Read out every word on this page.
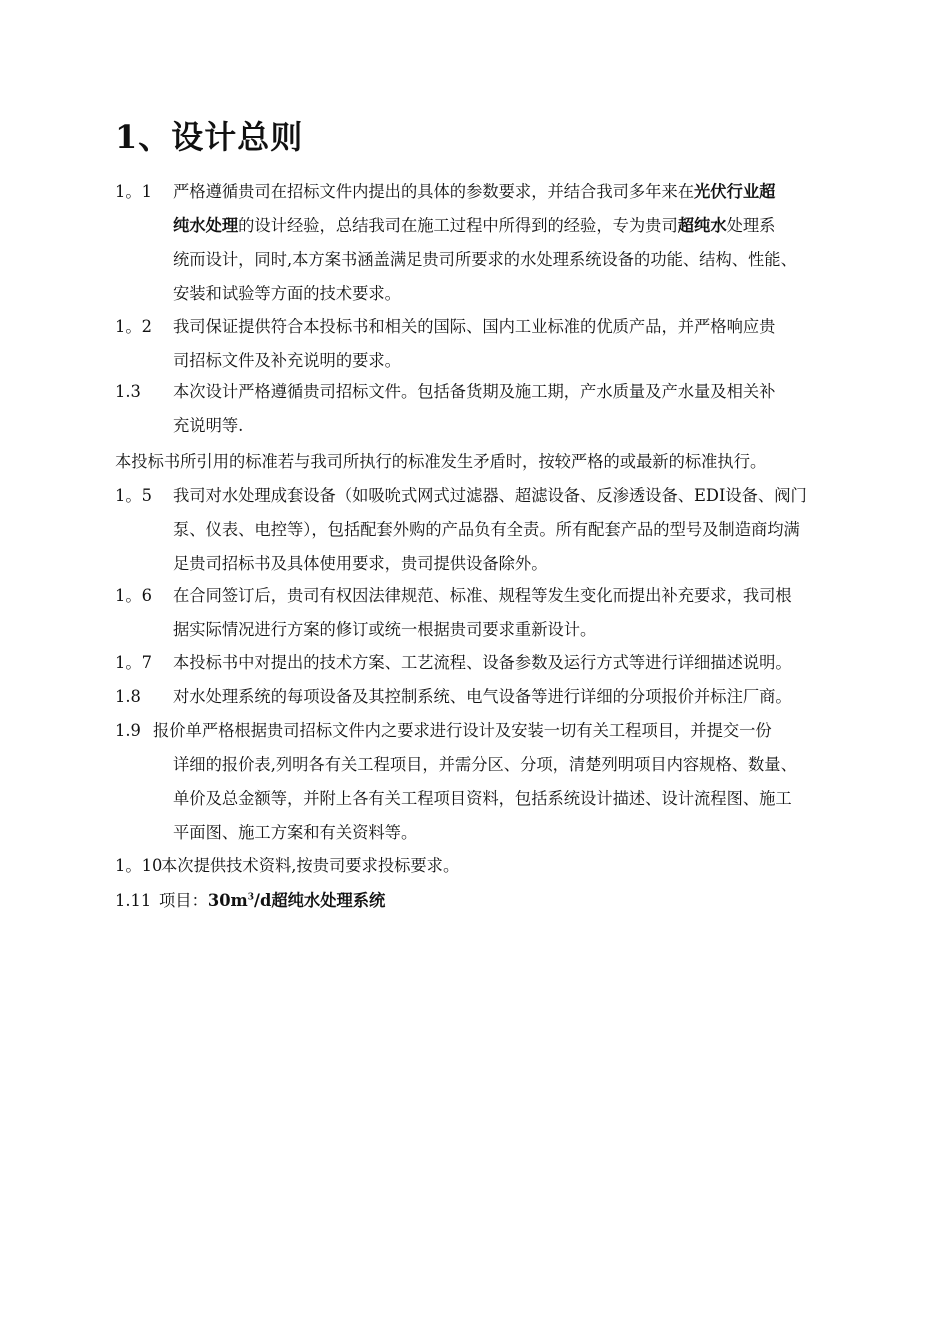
1、设计总则
1。1 严格遵循贵司在招标文件内提出的具体的参数要求，并结合我司多年来在光伏行业超
纯水处理的设计经验，总结我司在施工过程中所得到的经验，专为贵司超纯水处理系
统而设计，同时,本方案书涵盖满足贵司所要求的水处理系统设备的功能、结构、性能、
安装和试验等方面的技术要求。
1。2 我司保证提供符合本投标书和相关的国际、国内工业标准的优质产品，并严格响应贵
司招标文件及补充说明的要求。
1.3 本次设计严格遵循贵司招标文件。包括备货期及施工期，产水质量及产水量及相关补
充说明等.
本投标书所引用的标准若与我司所执行的标准发生矛盾时，按较严格的或最新的标准执行。
1。5 我司对水处理成套设备（如吸吮式网式过滤器、超滤设备、反渗透设备、EDI设备、阀门
泵、仪表、电控等），包括配套外购的产品负有全责。所有配套产品的型号及制造商均满
足贵司招标书及具体使用要求，贵司提供设备除外。
1。6 在合同签订后，贵司有权因法律规范、标准、规程等发生变化而提出补充要求，我司根
据实际情况进行方案的修订或统一根据贵司要求重新设计。
1。7 本投标书中对提出的技术方案、工艺流程、设备参数及运行方式等进行详细描述说明。
1.8 对水处理系统的每项设备及其控制系统、电气设备等进行详细的分项报价并标注厂商。
1.9 报价单严格根据贵司招标文件内之要求进行设计及安装一切有关工程项目，并提交一份
详细的报价表,列明各有关工程项目，并需分区、分项，清楚列明项目内容规格、数量、
单价及总金额等，并附上各有关工程项目资料，包括系统设计描述、设计流程图、施工
平面图、施工方案和有关资料等。
1。10
本次提供技术资料,按贵司要求投标要求。
1.11 项目：$30m^3/d$超纯水处理系统
